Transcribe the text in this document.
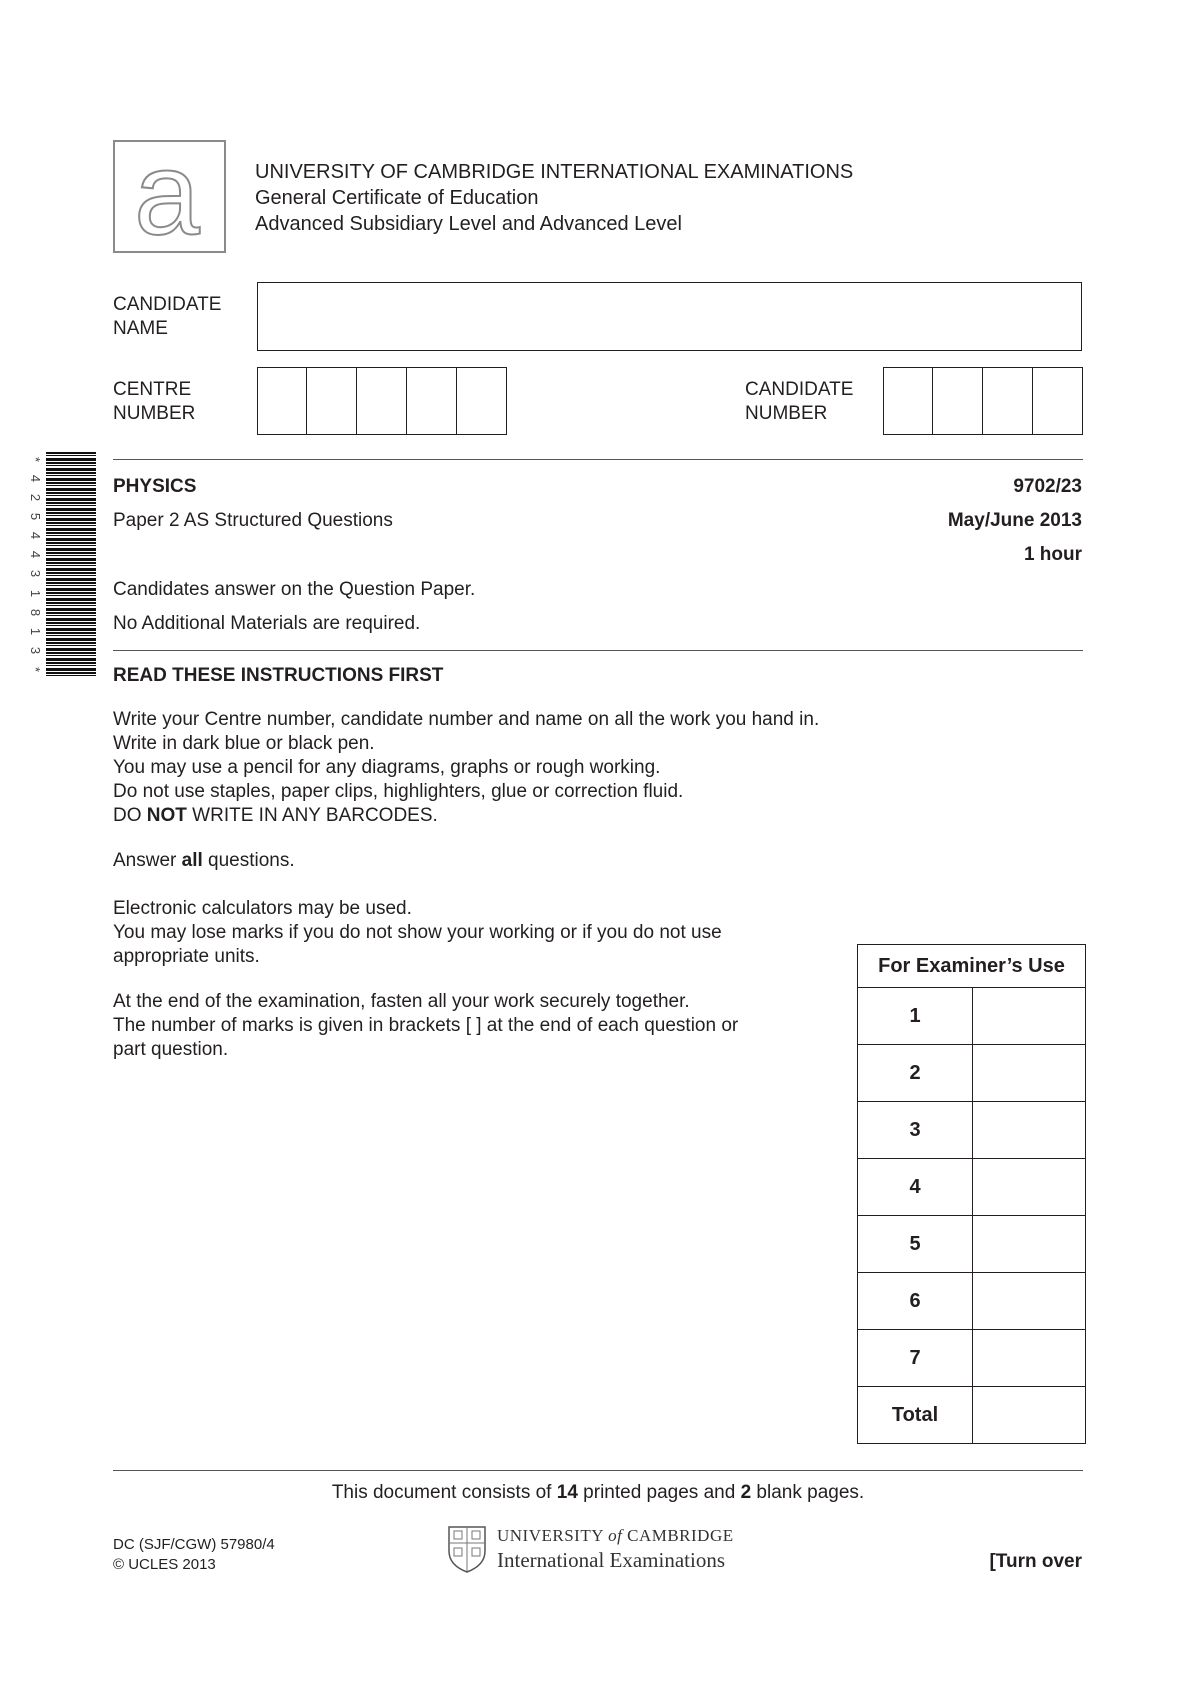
a	UNIVERSITY OF CAMBRIDGE INTERNATIONAL EXAMINATIONS
General Certificate of Education
Advanced Subsidiary Level and Advanced Level
CANDIDATE
NAME
CENTRE
NUMBER
CANDIDATE
NUMBER
*
4
2
5
4
4
3
1
8
1
3
*
PHYSICS	9702/23
Paper 2 AS Structured Questions	May/June 2013
1 hour
Candidates answer on the Question Paper.
No Additional Materials are required.
READ THESE INSTRUCTIONS FIRST

Write your Centre number, candidate number and name on all the work you hand in.

Write in dark blue or black pen.

You may use a pencil for any diagrams, graphs or rough working.

Do not use staples, paper clips, highlighters, glue or correction fluid.

DO NOT WRITE IN ANY BARCODES.

Answer all questions.

Electronic calculators may be used.

You may lose marks if you do not show your working or if you do not use

appropriate units.

At the end of the examination, fasten all your work securely together.

The number of marks is given in brackets [ ] at the end of each question or

part question.

For Examiner’s Use	
1	
2	
3	
4	
5	
6	
7	
Total	
This document consists of 14 printed pages and 2 blank pages.
DC (SJF/CGW) 57980/4
© UCLES 2013
UNIVERSITY of CAMBRIDGE
International Examinations	[Turn over
